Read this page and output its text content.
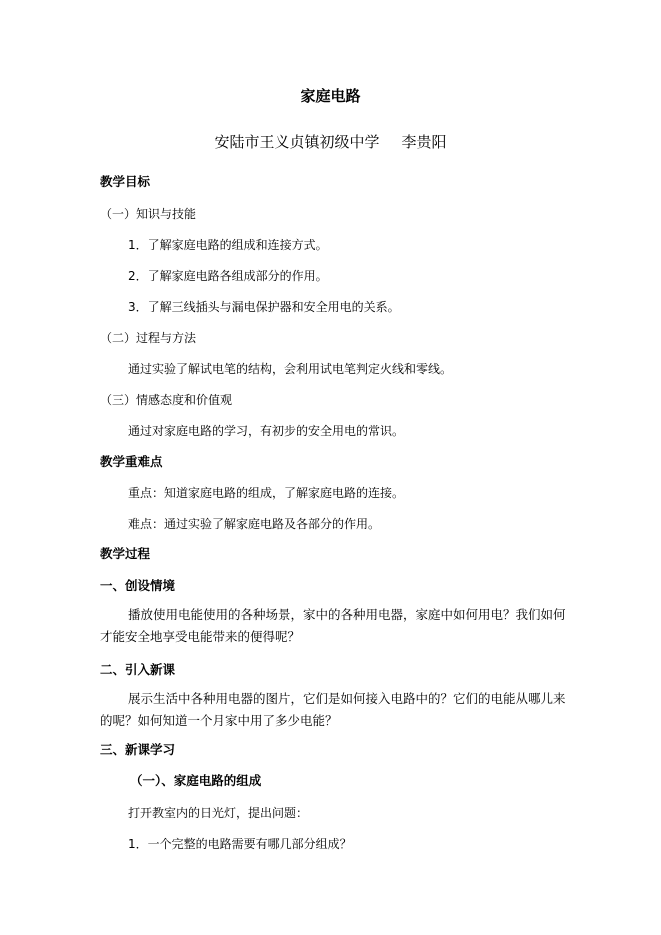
家庭电路
安陆市王义贞镇初级中学 李贵阳
教学目标
（一）知识与技能
1．了解家庭电路的组成和连接方式。
2．了解家庭电路各组成部分的作用。
3．了解三线插头与漏电保护器和安全用电的关系。
（二）过程与方法
通过实验了解试电笔的结构，会利用试电笔判定火线和零线。
（三）情感态度和价值观
通过对家庭电路的学习，有初步的安全用电的常识。
教学重难点
重点：知道家庭电路的组成，了解家庭电路的连接。
难点：通过实验了解家庭电路及各部分的作用。
教学过程
一、创设情境
播放使用电能使用的各种场景，家中的各种用电器，家庭中如何用电？我们如何才能安全地享受电能带来的便得呢？
二、引入新课
展示生活中各种用电器的图片，它们是如何接入电路中的？它们的电能从哪儿来的呢？如何知道一个月家中用了多少电能？
三、新课学习
（一）、家庭电路的组成
打开教室内的日光灯，提出问题：
1．一个完整的电路需要有哪几部分组成？
